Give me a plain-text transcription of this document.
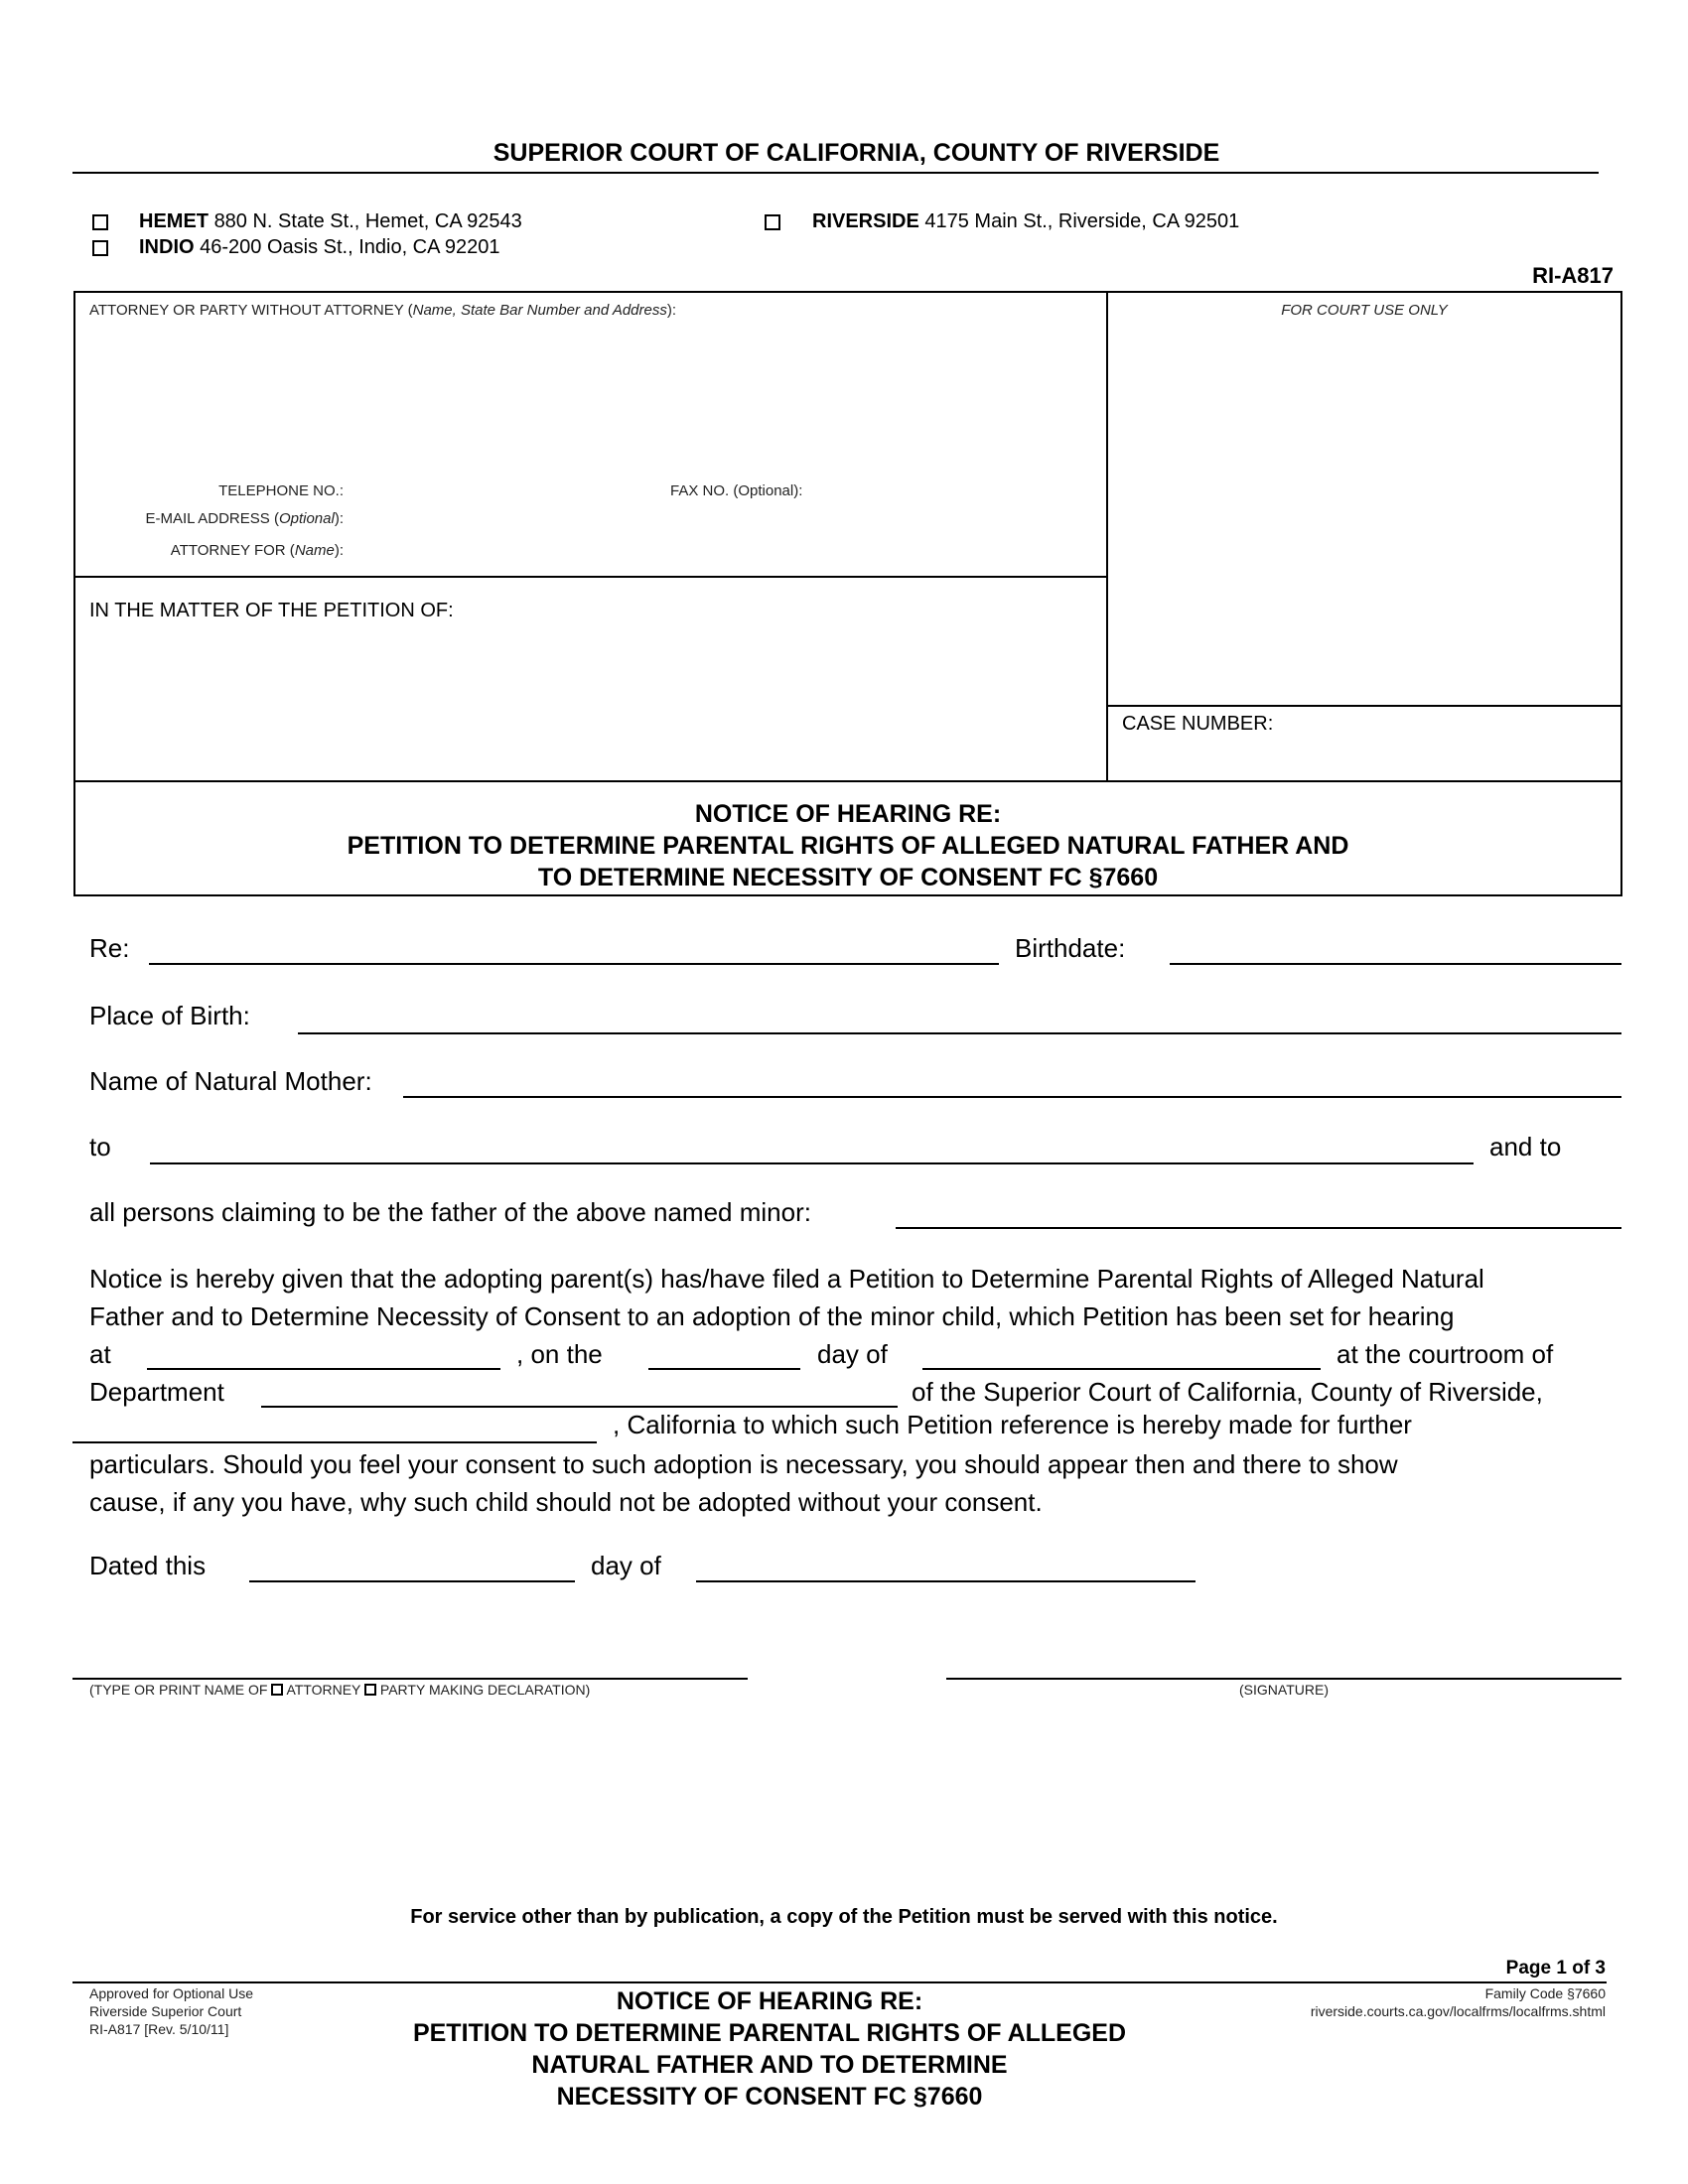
SUPERIOR COURT OF CALIFORNIA, COUNTY OF RIVERSIDE
HEMET 880 N. State St., Hemet, CA 92543
INDIO 46-200 Oasis St., Indio, CA 92201
RIVERSIDE 4175 Main St., Riverside, CA 92501
RI-A817
ATTORNEY OR PARTY WITHOUT ATTORNEY (Name, State Bar Number and Address):	FOR COURT USE ONLY
TELEPHONE NO.:	FAX NO. (Optional):
E-MAIL ADDRESS (Optional):
ATTORNEY FOR (Name):
IN THE MATTER OF THE PETITION OF:
CASE NUMBER:
NOTICE OF HEARING RE:
PETITION TO DETERMINE PARENTAL RIGHTS OF ALLEGED NATURAL FATHER AND
TO DETERMINE NECESSITY OF CONSENT FC §7660
Re:	Birthdate:
Place of Birth:
Name of Natural Mother:
to	and to
all persons claiming to be the father of the above named minor:
Notice is hereby given that the adopting parent(s) has/have filed a Petition to Determine Parental Rights of Alleged Natural
Father and to Determine Necessity of Consent to an adoption of the minor child, which Petition has been set for hearing
at	, on the	day of	at the courtroom of
Department	of the Superior Court of California, County of Riverside,
, California to which such Petition reference is hereby made for further
particulars. Should you feel your consent to such adoption is necessary, you should appear then and there to show
cause, if any you have, why such child should not be adopted without your consent.
Dated this	day of
(TYPE OR PRINT NAME OF ATTORNEY PARTY MAKING DECLARATION)	(SIGNATURE)
For service other than by publication, a copy of the Petition must be served with this notice.
Page 1 of 3
Approved for Optional Use
Riverside Superior Court
RI-A817 [Rev. 5/10/11]
NOTICE OF HEARING RE:
PETITION TO DETERMINE PARENTAL RIGHTS OF ALLEGED
NATURAL FATHER AND TO DETERMINE
NECESSITY OF CONSENT FC §7660
Family Code §7660
riverside.courts.ca.gov/localfrms/localfrms.shtml
